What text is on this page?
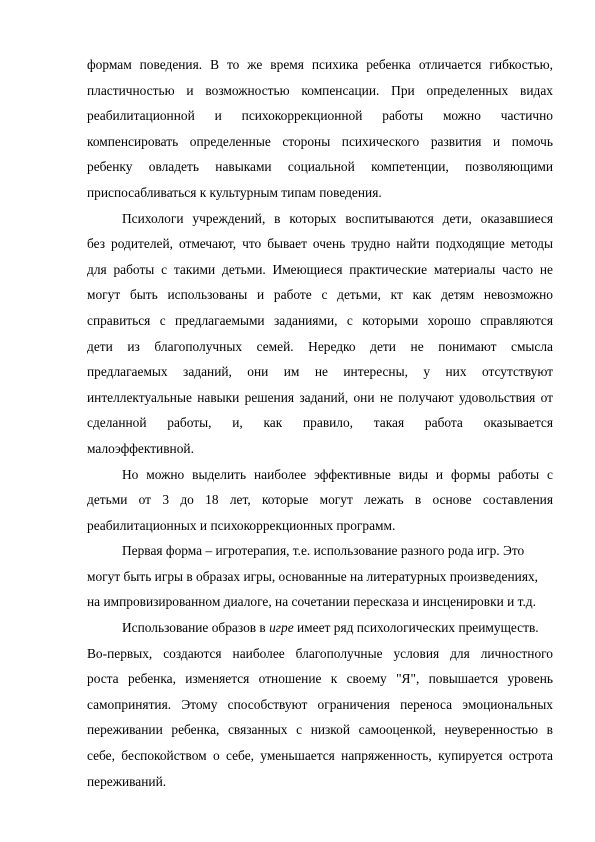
формам поведения. В то же время психика ребенка отличается гибкостью,
пластичностью и возможностью компенсации. При определенных видах
реабилитационной и психокоррекционной работы можно частично
компенсировать определенные стороны психического развития и помочь
ребенку овладеть навыками социальной компетенции, позволяющими
приспосабливаться к культурным типам поведения.

Психологи учреждений, в которых воспитываются дети, оказавшиеся
без родителей, отмечают, что бывает очень трудно найти подходящие методы
для работы с такими детьми. Имеющиеся практические материалы часто не
могут быть использованы и работе с детьми, кт как детям невозможно
справиться с предлагаемыми заданиями, с которыми хорошо справляются
дети из благополучных семей. Нередко дети не понимают смысла
предлагаемых заданий, они им не интересны, у них отсутствуют
интеллектуальные навыки решения заданий, они не получают удовольствия от
сделанной работы, и, как правило, такая работа оказывается
малоэффективной.

Но можно выделить наиболее эффективные виды и формы работы с
детьми от 3 до 18 лет, которые могут лежать в основе составления
реабилитационных и психокоррекционных программ.

Первая форма – игротерапия, т.е. использование разного рода игр. Это
могут быть игры в образах игры, основанные на литературных произведениях,
на импровизированном диалоге, на сочетании пересказа и инсценировки и т.д.

Использование образов в игре имеет ряд психологических преимуществ.
Во-первых, создаются наиболее благополучные условия для личностного
роста ребенка, изменяется отношение к своему "Я", повышается уровень
самопринятия. Этому способствуют ограничения переноса эмоциональных
переживании ребенка, связанных с низкой самооценкой, неуверенностью в
себе, беспокойством о себе, уменьшается напряженность, купируется острота
переживаний.
